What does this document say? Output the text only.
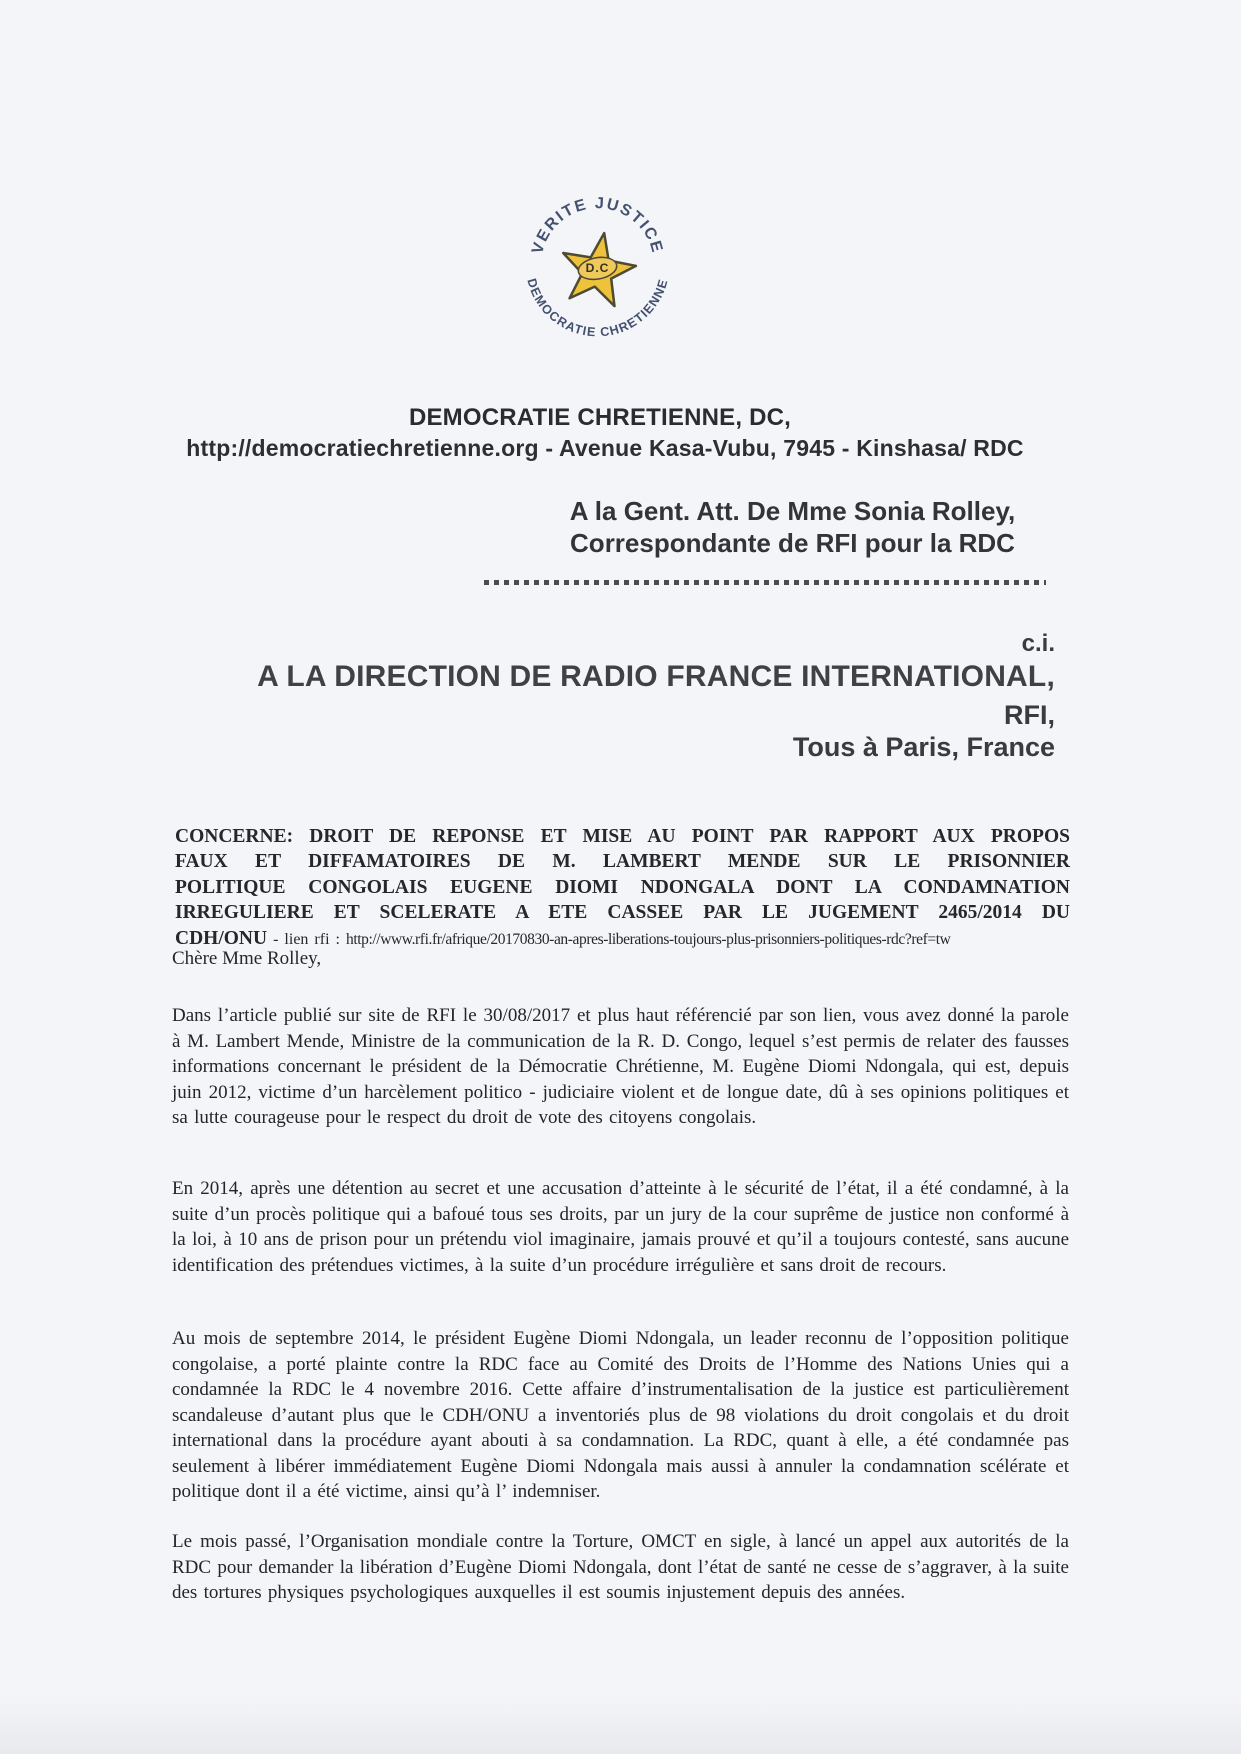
VERITE JUSTICE
DEMOCRATIE CHRETIENNE
D.C
DEMOCRATIE CHRETIENNE, DC,
http://democratiechretienne.org - Avenue Kasa-Vubu, 7945 - Kinshasa/ RDC
A la Gent. Att. De Mme Sonia Rolley,
Correspondante de RFI pour la RDC
c.i.
A LA DIRECTION DE RADIO FRANCE INTERNATIONAL,
RFI,
Tous à Paris, France

CONCERNE: DROIT DE REPONSE ET MISE AU POINT PAR RAPPORT AUX PROPOS FAUX ET DIFFAMATOIRES DE M. LAMBERT MENDE SUR LE PRISONNIER POLITIQUE CONGOLAIS EUGENE DIOMI NDONGALA DONT LA CONDAMNATION IRREGULIERE ET SCELERATE A ETE CASSEE PAR LE JUGEMENT 2465/2014 DU CDH/ONU - lien rfi : http://www.rfi.fr/afrique/20170830-an-apres-liberations-toujours-plus-prisonniers-politiques-rdc?ref=tw

Chère Mme Rolley,

Dans l’article publié sur site de RFI le 30/08/2017 et plus haut référencié par son lien, vous avez donné la parole à M. Lambert Mende, Ministre de la communication de la R. D. Congo, lequel s’est permis de relater des fausses informations concernant le président de la Démocratie Chrétienne, M. Eugène Diomi Ndongala, qui est, depuis juin 2012, victime d’un harcèlement politico - judiciaire violent et de longue date, dû à ses opinions politiques et sa lutte courageuse pour le respect du droit de vote des citoyens congolais.

En 2014, après une détention au secret et une accusation d’atteinte à le sécurité de l’état, il a été condamné, à la suite d’un procès politique qui a bafoué tous ses droits, par un jury de la cour suprême de justice non conformé à la loi, à 10 ans de prison pour un prétendu viol imaginaire, jamais prouvé et qu’il a toujours contesté, sans aucune identification des prétendues victimes, à la suite d’un procédure irrégulière et sans droit de recours.

Au mois de septembre 2014, le président Eugène Diomi Ndongala, un leader reconnu de l’opposition politique congolaise, a porté plainte contre la RDC face au Comité des Droits de l’Homme des Nations Unies qui a condamnée la RDC le 4 novembre 2016. Cette affaire d’instrumentalisation de la justice est particulièrement scandaleuse d’autant plus que le CDH/ONU a inventoriés plus de 98 violations du droit congolais et du droit international dans la procédure ayant abouti à sa condamnation. La RDC, quant à elle, a été condamnée pas seulement à libérer immédiatement Eugène Diomi Ndongala mais aussi à annuler la condamnation scélérate et politique dont il a été victime, ainsi qu’à l’ indemniser.

Le mois passé, l’Organisation mondiale contre la Torture, OMCT en sigle, à lancé un appel aux autorités de la RDC pour demander la libération d’Eugène Diomi Ndongala, dont l’état de santé ne cesse de s’aggraver, à la suite des tortures physiques psychologiques auxquelles il est soumis injustement depuis des années.
